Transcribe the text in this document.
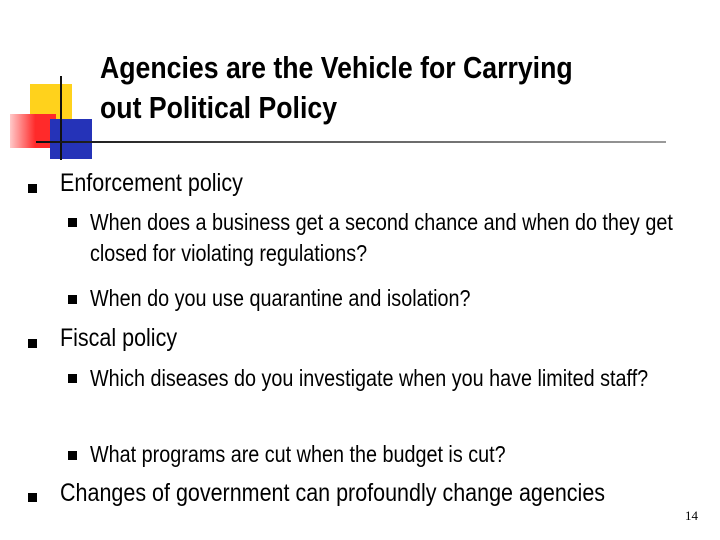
Agencies are the Vehicle for Carrying out Political Policy
Enforcement policy
When does a business get a second chance and when do they get closed for violating regulations?
When do you use quarantine and isolation?
Fiscal policy
Which diseases do you investigate when you have limited staff?
What programs are cut when the budget is cut?
Changes of government can profoundly change agencies
14
